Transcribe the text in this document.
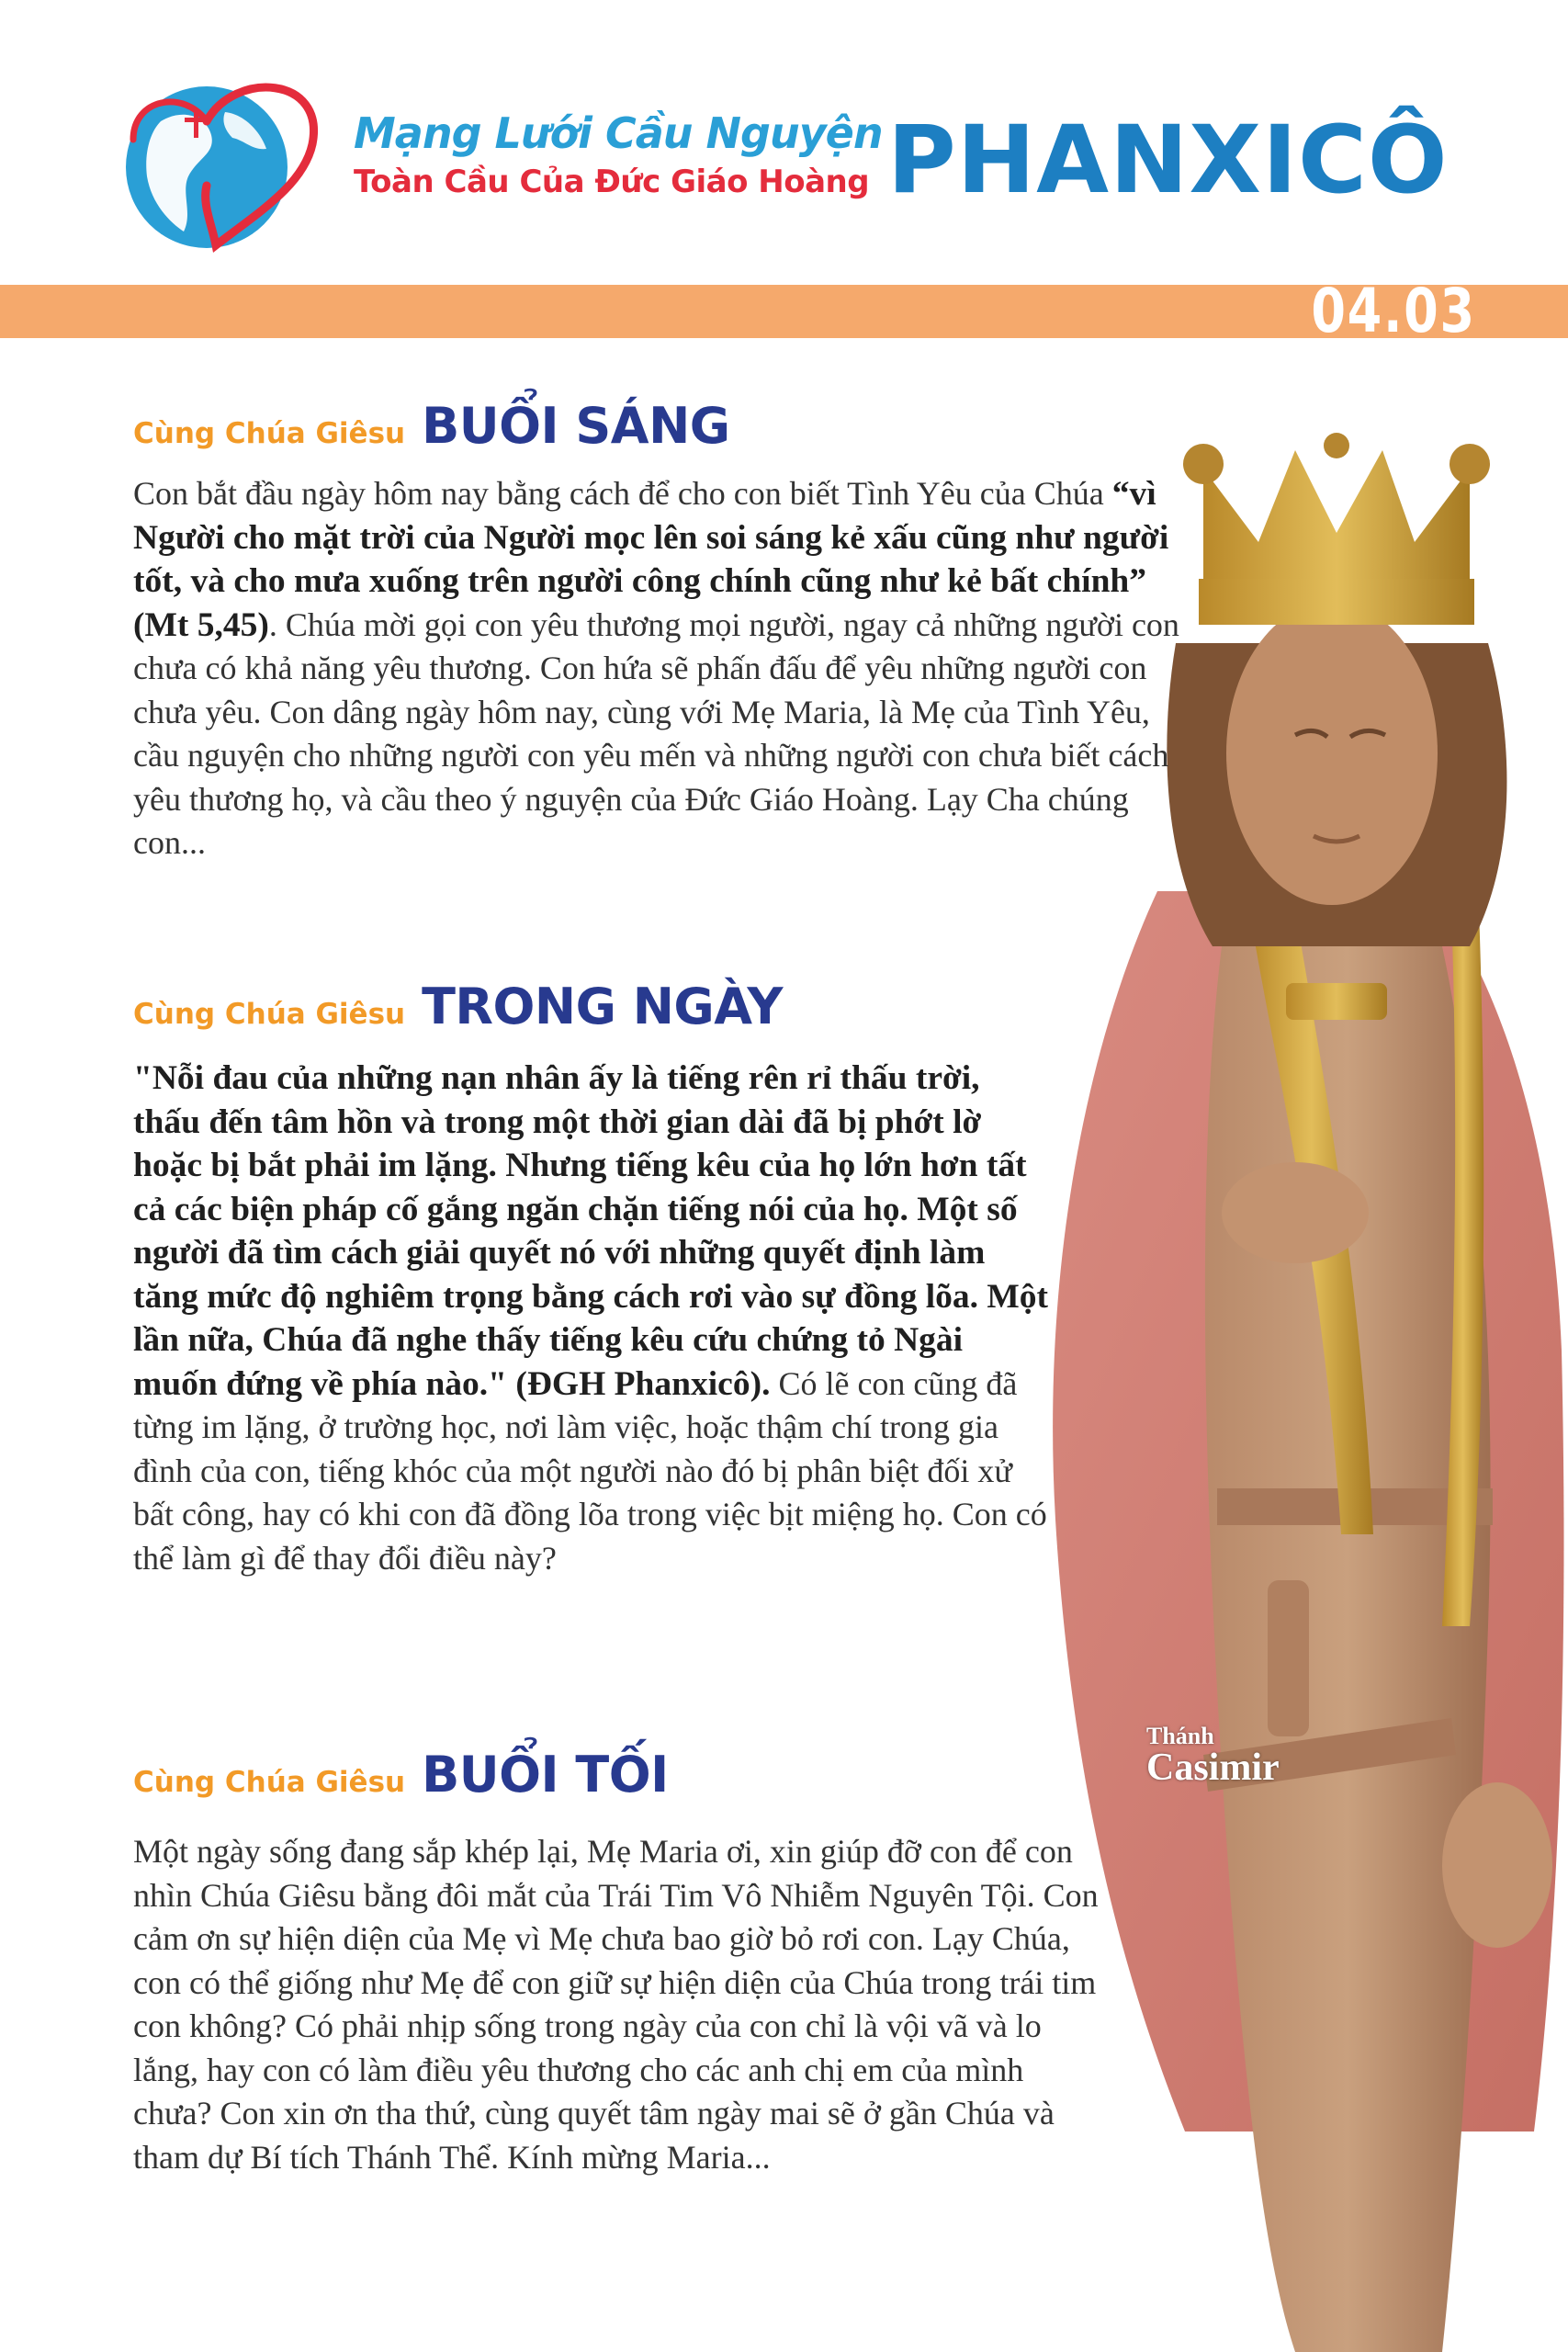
Mạng Lưới Cầu Nguyện
Toàn Cầu Của Đức Giáo Hoàng PHANXICÔ
04.03
Thánh
Casimir
Cùng Chúa Giêsu BUỔI SÁNG
Con bắt đầu ngày hôm nay bằng cách để cho con biết Tình Yêu của Chúa “vì Người cho mặt trời của Người mọc lên soi sáng kẻ xấu cũng như người tốt, và cho mưa xuống trên người công chính cũng như kẻ bất chính” (Mt 5,45). Chúa mời gọi con yêu thương mọi người, ngay cả những người con chưa có khả năng yêu thương. Con hứa sẽ phấn đấu để yêu những người con chưa yêu. Con dâng ngày hôm nay, cùng với Mẹ Maria, là Mẹ của Tình Yêu, cầu nguyện cho những người con yêu mến và những người con chưa biết cách yêu thương họ, và cầu theo ý nguyện của Đức Giáo Hoàng. Lạy Cha chúng con...
Cùng Chúa Giêsu TRONG NGÀY
"Nỗi đau của những nạn nhân ấy là tiếng rên rỉ thấu trời, thấu đến tâm hồn và trong một thời gian dài đã bị phớt lờ hoặc bị bắt phải im lặng. Nhưng tiếng kêu của họ lớn hơn tất cả các biện pháp cố gắng ngăn chặn tiếng nói của họ. Một số người đã tìm cách giải quyết nó với những quyết định làm tăng mức độ nghiêm trọng bằng cách rơi vào sự đồng lõa. Một lần nữa, Chúa đã nghe thấy tiếng kêu cứu chứng tỏ Ngài muốn đứng về phía nào." (ĐGH Phanxicô). Có lẽ con cũng đã từng im lặng, ở trường học, nơi làm việc, hoặc thậm chí trong gia đình của con, tiếng khóc của một người nào đó bị phân biệt đối xử bất công, hay có khi con đã đồng lõa trong việc bịt miệng họ. Con có thể làm gì để thay đổi điều này?
Cùng Chúa Giêsu BUỔI TỐI
Một ngày sống đang sắp khép lại, Mẹ Maria ơi, xin giúp đỡ con để con nhìn Chúa Giêsu bằng đôi mắt của Trái Tim Vô Nhiễm Nguyên Tội. Con cảm ơn sự hiện diện của Mẹ vì Mẹ chưa bao giờ bỏ rơi con. Lạy Chúa, con có thể giống như Mẹ để con giữ sự hiện diện của Chúa trong trái tim con không? Có phải nhịp sống trong ngày của con chỉ là vội vã và lo lắng, hay con có làm điều yêu thương cho các anh chị em của mình chưa? Con xin ơn tha thứ, cùng quyết tâm ngày mai sẽ ở gần Chúa và tham dự Bí tích Thánh Thể. Kính mừng Maria...
